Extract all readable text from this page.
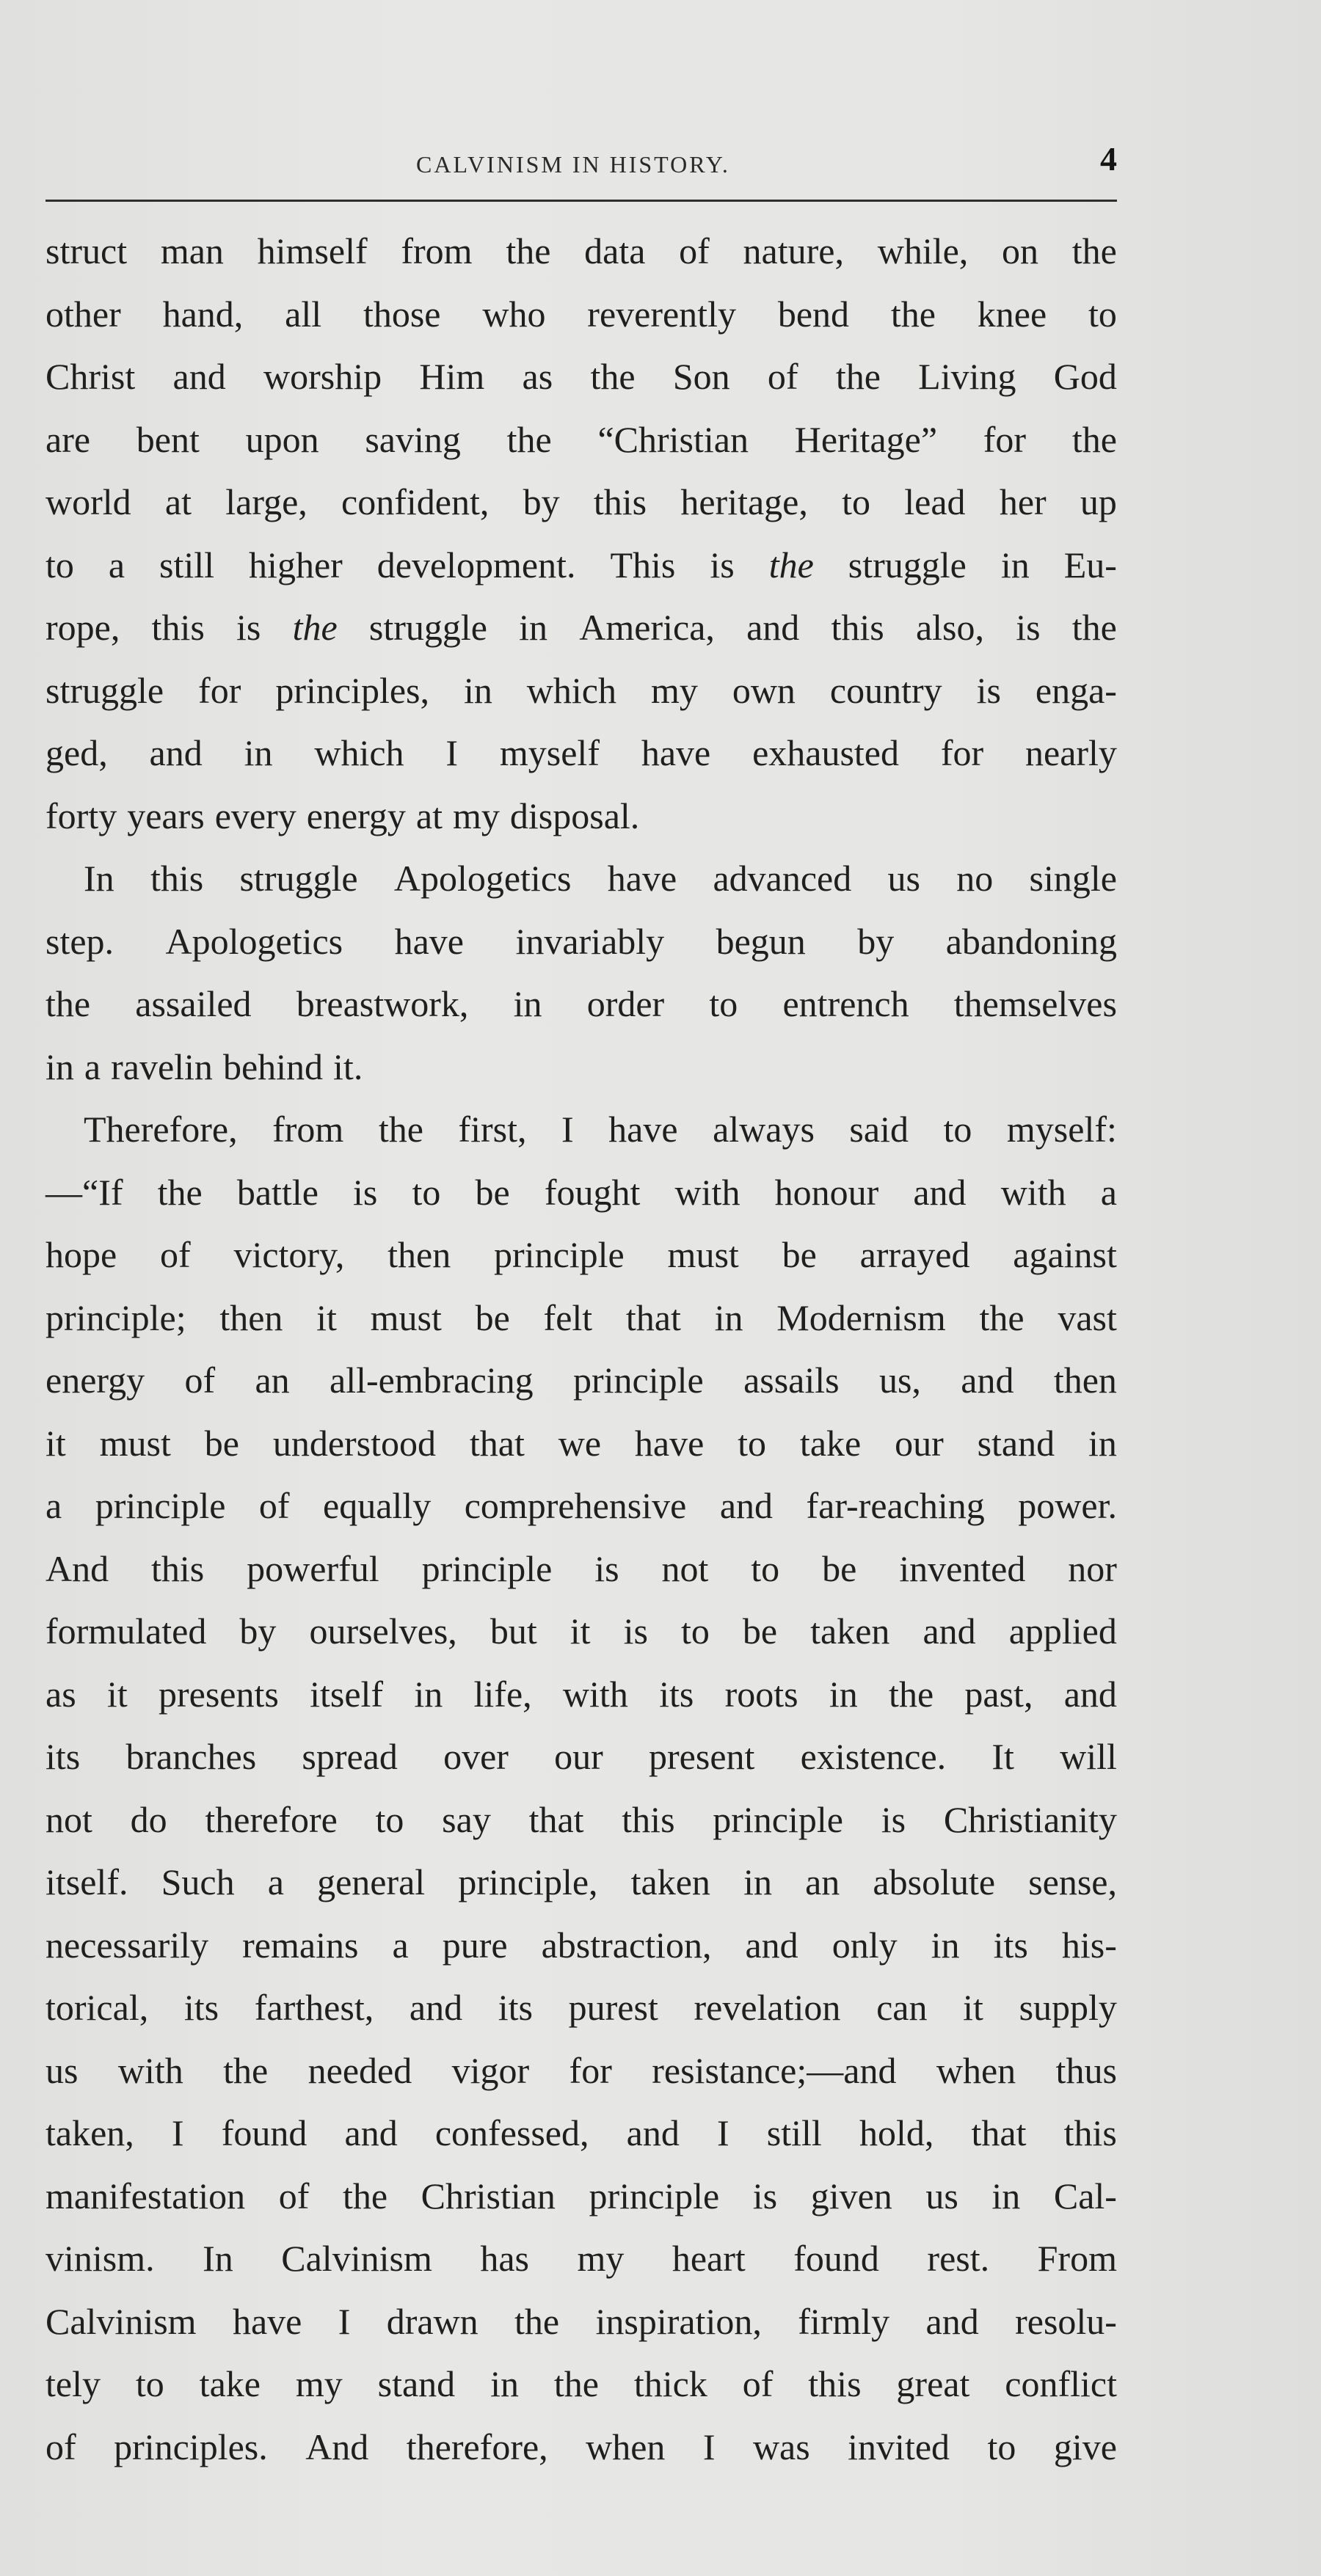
CALVINISM IN HISTORY.	4
struct man himself from the data of nature, while, on the
other hand, all those who reverently bend the knee to
Christ and worship Him as the Son of the Living God
are bent upon saving the “Christian Heritage” for the
world at large, confident, by this heritage, to lead her up
to a still higher development. This is the struggle in Eu-
rope, this is the struggle in America, and this also, is the
struggle for principles, in which my own country is enga-
ged, and in which I myself have exhausted for nearly
forty years every energy at my disposal.
In this struggle Apologetics have advanced us no single
step. Apologetics have invariably begun by abandoning
the assailed breastwork, in order to entrench themselves
in a ravelin behind it.
Therefore, from the first, I have always said to myself:
—“If the battle is to be fought with honour and with a
hope of victory, then principle must be arrayed against
principle; then it must be felt that in Modernism the vast
energy of an all-embracing principle assails us, and then
it must be understood that we have to take our stand in
a principle of equally comprehensive and far-reaching power.
And this powerful principle is not to be invented nor
formulated by ourselves, but it is to be taken and applied
as it presents itself in life, with its roots in the past, and
its branches spread over our present existence. It will
not do therefore to say that this principle is Christianity
itself. Such a general principle, taken in an absolute sense,
necessarily remains a pure abstraction, and only in its his-
torical, its farthest, and its purest revelation can it supply
us with the needed vigor for resistance;—and when thus
taken, I found and confessed, and I still hold, that this
manifestation of the Christian principle is given us in Cal-
vinism. In Calvinism has my heart found rest. From
Calvinism have I drawn the inspiration, firmly and resolu-
tely to take my stand in the thick of this great conflict
of principles. And therefore, when I was invited to give
